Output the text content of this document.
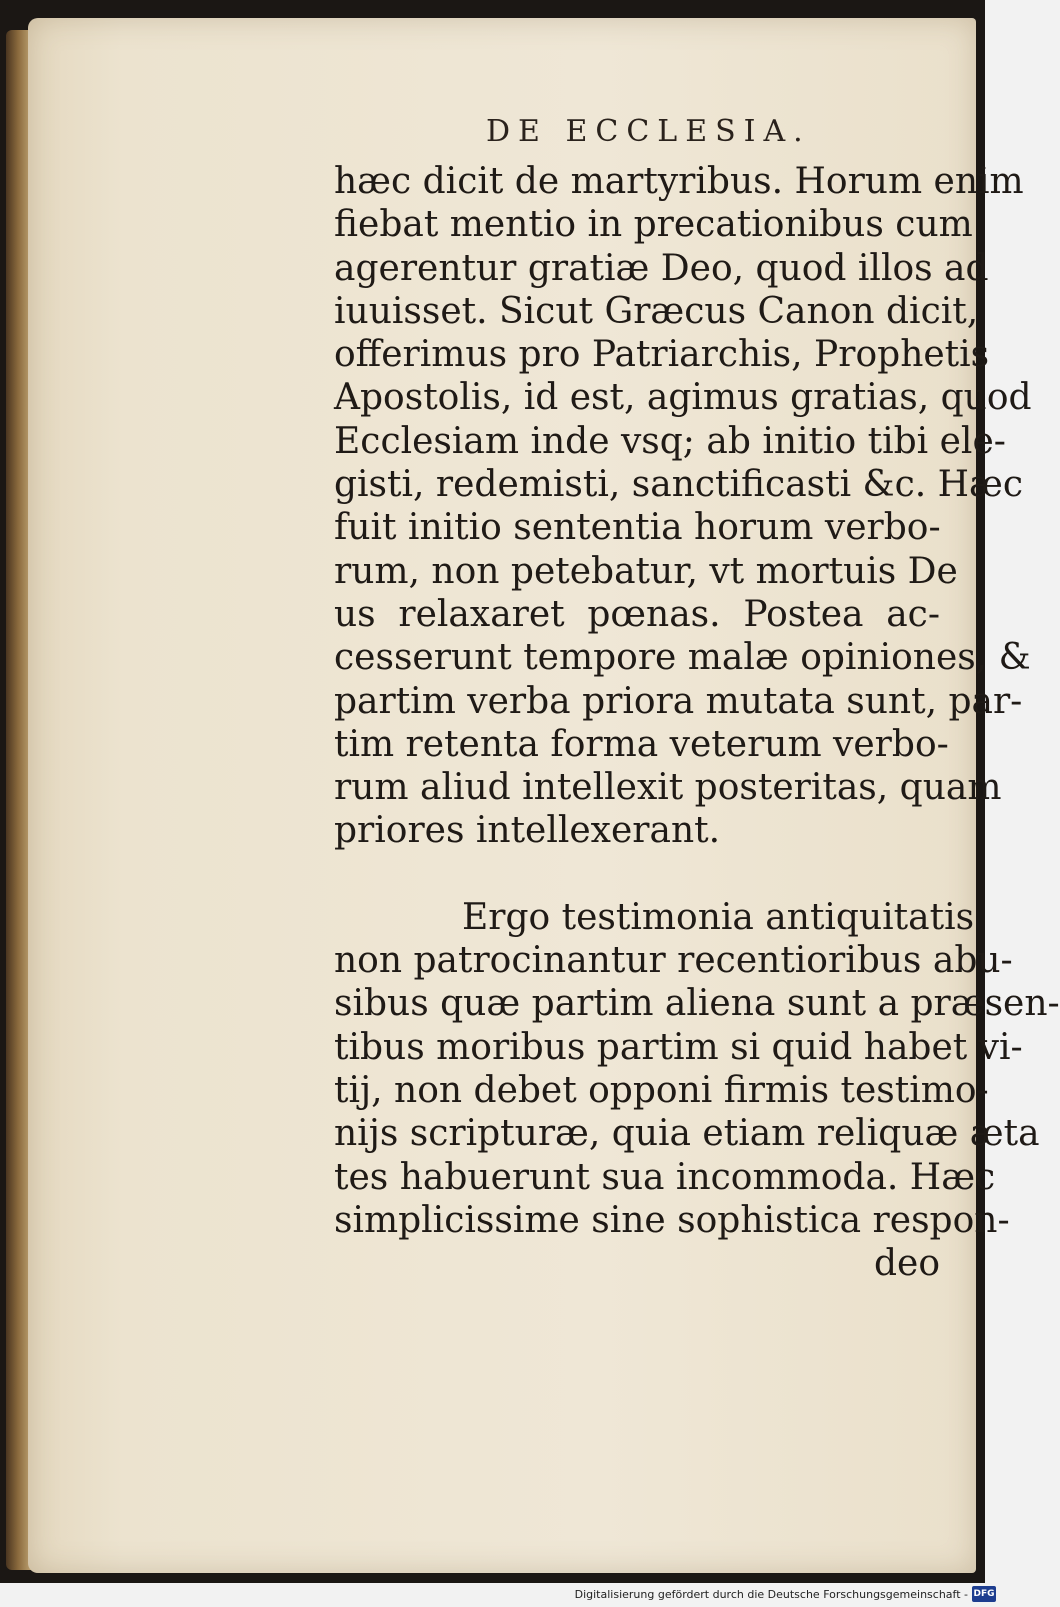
DE ECCLESIA.
hæc dicit de martyribus. Horum enim
fiebat mentio in precationibus cum
agerentur gratiæ Deo, quod illos ad
iuuisset. Sicut Græcus Canon dicit,
offerimus pro Patriarchis, Prophetis
Apostolis, id est, agimus gratias, quod
Ecclesiam inde vsq; ab initio tibi ele-
gisti, redemisti, sanctificasti &c. Hæc
fuit initio sententia horum verbo-
rum, non petebatur, vt mortuis De
us relaxaret pœnas. Postea ac-
cesserunt tempore malæ opiniones, &
partim verba priora mutata sunt, par-
tim retenta forma veterum verbo-
rum aliud intellexit posteritas, quam
priores intellexerant.
Ergo testimonia antiquitatis
non patrocinantur recentioribus abu-
sibus quæ partim aliena sunt a præsen-
tibus moribus partim si quid habet vi-
tij, non debet opponi firmis testimo-
nijs scripturæ, quia etiam reliquæ æta
tes habuerunt sua incommoda. Hæc
simplicissime sine sophistica respon-
deo
Digitalisierung gefördert durch die Deutsche Forschungsgemeinschaft - DFG
